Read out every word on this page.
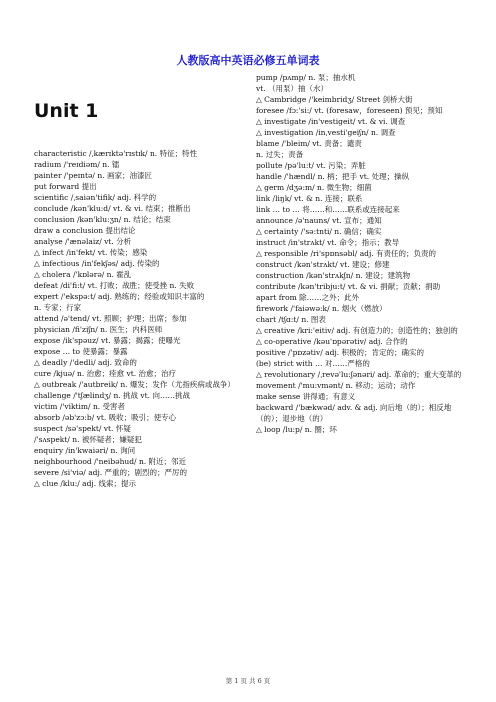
人教版高中英语必修五单词表
Unit 1
characteristic /ˌkærɪktə'rɪstɪk/ n. 特征；特性
radium /'reɪdiəm/ n. 镭
painter /'peɪntə/ n. 画家；油漆匠
put forward 提出
scientific /ˌsaiən'tifik/ adj. 科学的
conclude /kən'klu:d/ vt. & vi. 结束；推断出
conclusion /kən'klu:ʒn/ n. 结论；结束
draw a conclusion 提出结论
analyse /'ænəlaiz/ vt. 分析
△ infect /in'fekt/ vt. 传染；感染
△ infectious /in'fekʃəs/ adj. 传染的
△ cholera /'kɒlərə/ n. 霍乱
defeat /di'fi:t/ vt. 打败；战胜；使受挫 n. 失败
expert /'ekspə:t/ adj. 熟练的；经验或知识丰富的
n. 专家；行家
attend /ə'tend/ vt. 照顾；护理；出席；参加
physician /fi'ziʃn/ n. 医生；内科医师
expose /ik'spəuz/ vt. 暴露；揭露；使曝光
expose … to 使暴露；暴露
△ deadly /'dedli/ adj. 致命的
cure /kjuə/ n. 治愈；痊愈 vt. 治愈；治疗
△ outbreak /'autbreik/ n. 爆发；发作（尤指疾病或战争）
challenge /'tʃælindʒ/ n. 挑战 vt. 向……挑战
victim /'viktim/ n. 受害者
absorb /əb'zɔ:b/ vt. 吸收；吸引；使专心
suspect /sə'spekt/ vt. 怀疑
/'sʌspekt/ n. 被怀疑者；嫌疑犯
enquiry /in'kwaiəri/ n. 询问
neighbourhood /'neibəhud/ n. 附近；邻近
severe /si'viə/ adj. 严重的；剧烈的；严厉的
△ clue /klu:/ adj. 线索；提示
pump /pʌmp/ n. 泵；抽水机
vt. （用泵）抽（水）
△ Cambridge /'keimbridʒ/ Street 剑桥大街
foresee /fɔ:'si:/ vt. (foresaw，foreseen) 预见；预知
△ investigate /in'vestigeit/ vt. & vi. 调查
△ investigation /inˌvesti'geiʃn/ n. 调查
blame /'bleim/ vt. 责备；谴责
n. 过失；责备
pollute /pə'lu:t/ vt. 污染；弄脏
handle /'hændl/ n. 柄；把手 vt. 处理；操纵
△ germ /dʒə:m/ n. 微生物；细菌
link /liŋk/ vt. & n. 连接；联系
link … to … 将……和……联系或连接起来
announce /ə'nauns/ vt. 宣布；通知
△ certainty /'sə:tnti/ n. 确信；确实
instruct /in'strʌkt/ vt. 命令；指示；教导
△ responsible /ri'spɒnsəbl/ adj. 有责任的；负责的
construct /kən'strʌkt/ vt. 建设；修建
construction /kən'strʌkʃn/ n. 建设；建筑物
contribute /kən'tribju:t/ vt. & vi. 捐献；贡献；捐助
apart from 除……之外；此外
firework /'faiəwə:k/ n. 烟火（燃放）
chart /tʃɑ:t/ n. 图表
△ creative /kri:'eitiv/ adj. 有创造力的；创造性的；独创的
△ co-operative /kəu'ɒpərətiv/ adj. 合作的
positive /'pɒzətiv/ adj. 积极的；肯定的；确实的
(be) strict with … 对……严格的
△ revolutionary /ˌrevə'lu:ʃənəri/ adj. 革命的；重大变革的
movement /'mu:vmənt/ n. 移动；运动；动作
make sense 讲得通；有意义
backward /'bækwəd/ adv. & adj. 向后地（的）；相反地（的）；退步地（的）
△ loop /lu:p/ n. 圈；环
第 1 页 共 6 页
